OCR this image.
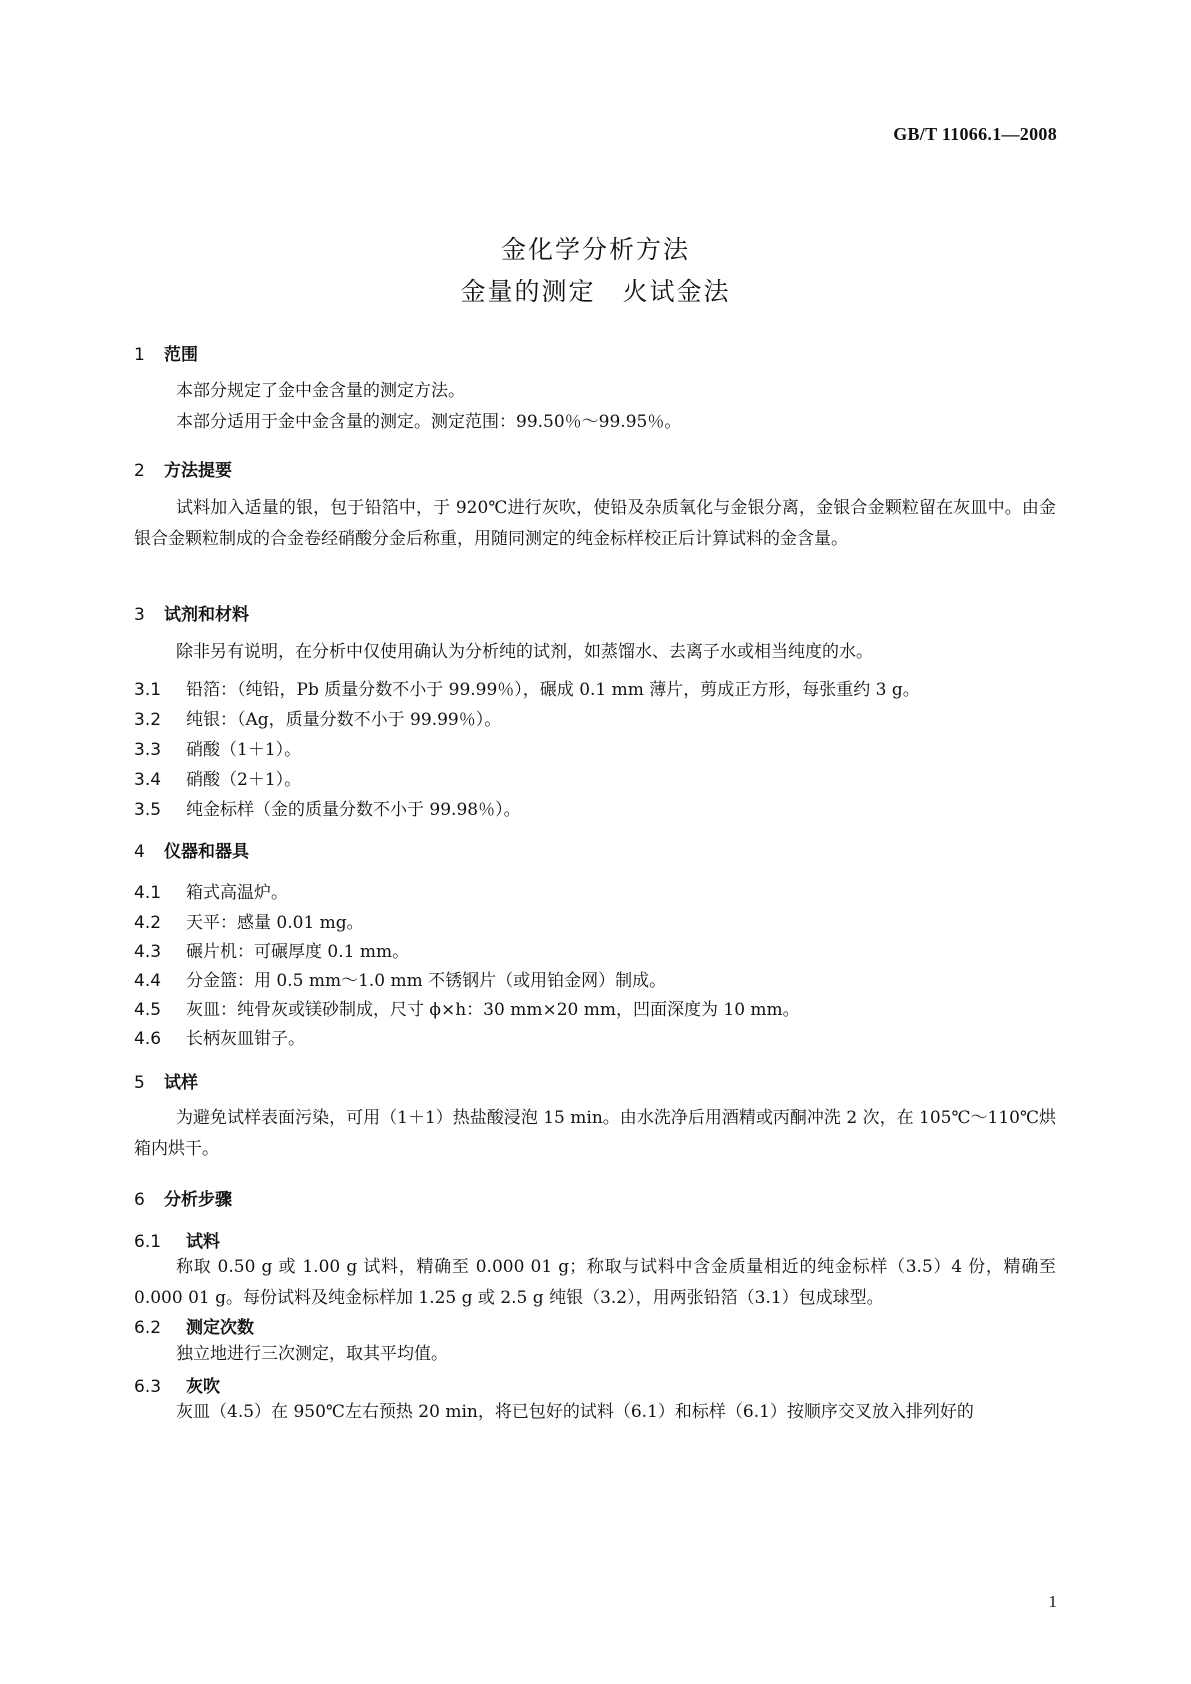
GB/T 11066.1—2008
金化学分析方法
金量的测定　火试金法
1 范围

本部分规定了金中金含量的测定方法。

本部分适用于金中金含量的测定。测定范围：99.50％～99.95％。

2 方法提要

试料加入适量的银，包于铅箔中，于 920℃进行灰吹，使铅及杂质氧化与金银分离，金银合金颗粒留在灰皿中。由金银合金颗粒制成的合金卷经硝酸分金后称重，用随同测定的纯金标样校正后计算试料的金含量。

3 试剂和材料

除非另有说明，在分析中仅使用确认为分析纯的试剂，如蒸馏水、去离子水或相当纯度的水。

3.1 铅箔：（纯铅，Pb 质量分数不小于 99.99％），碾成 0.1 mm 薄片，剪成正方形，每张重约 3 g。
3.2 纯银：（Ag，质量分数不小于 99.99％）。
3.3 硝酸（1＋1）。
3.4 硝酸（2＋1）。
3.5 纯金标样（金的质量分数不小于 99.98％）。
4 仪器和器具
4.1 箱式高温炉。
4.2 天平：感量 0.01 mg。
4.3 碾片机：可碾厚度 0.1 mm。
4.4 分金篮：用 0.5 mm～1.0 mm 不锈钢片（或用铂金网）制成。
4.5 灰皿：纯骨灰或镁砂制成，尺寸 ϕ×h：30 mm×20 mm，凹面深度为 10 mm。
4.6 长柄灰皿钳子。
5 试样

为避免试样表面污染，可用（1＋1）热盐酸浸泡 15 min。由水洗净后用酒精或丙酮冲洗 2 次，在 105℃～110℃烘箱内烘干。

6 分析步骤
6.1 试料

称取 0.50 g 或 1.00 g 试料，精确至 0.000 01 g；称取与试料中含金质量相近的纯金标样（3.5）4 份，精确至 0.000 01 g。每份试料及纯金标样加 1.25 g 或 2.5 g 纯银（3.2），用两张铅箔（3.1）包成球型。

6.2 测定次数

独立地进行三次测定，取其平均值。

6.3 灰吹

灰皿（4.5）在 950℃左右预热 20 min，将已包好的试料（6.1）和标样（6.1）按顺序交叉放入排列好的

1
